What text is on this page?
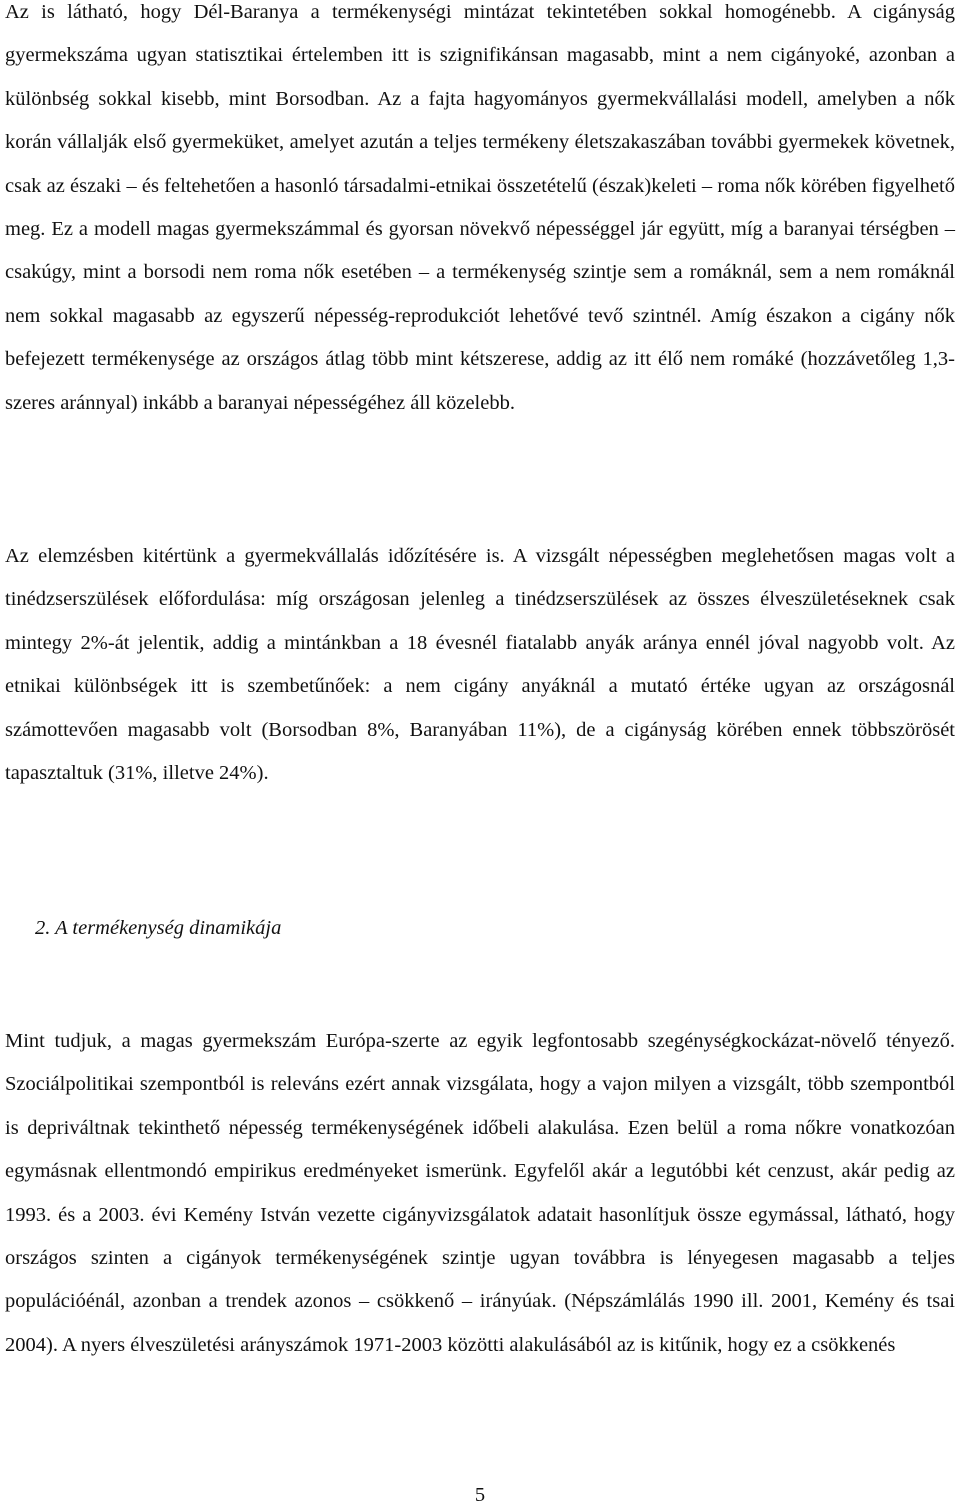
Az is látható, hogy Dél-Baranya a termékenységi mintázat tekintetében sokkal homogénebb. A cigányság gyermekszáma ugyan statisztikai értelemben itt is szignifikánsan magasabb, mint a nem cigányoké, azonban a különbség sokkal kisebb, mint Borsodban. Az a fajta hagyományos gyermekvállalási modell, amelyben a nők korán vállalják első gyermeküket, amelyet azután a teljes termékeny életszakaszában további gyermekek követnek, csak az északi – és feltehetően a hasonló társadalmi-etnikai összetételű (észak)keleti – roma nők körében figyelhető meg. Ez a modell magas gyermekszámmal és gyorsan növekvő népességgel jár együtt, míg a baranyai térségben – csakúgy, mint a borsodi nem roma nők esetében – a termékenység szintje sem a romáknál, sem a nem romáknál nem sokkal magasabb az egyszerű népesség-reprodukciót lehetővé tevő szintnél. Amíg északon a cigány nők befejezett termékenysége az országos átlag több mint kétszerese, addig az itt élő nem romáké (hozzávetőleg 1,3-szeres aránnyal) inkább a baranyai népességéhez áll közelebb.

Az elemzésben kitértünk a gyermekvállalás időzítésére is. A vizsgált népességben meglehetősen magas volt a tinédzserszülések előfordulása: míg országosan jelenleg a tinédzserszülések az összes élveszületéseknek csak mintegy 2%-át jelentik, addig a mintánkban a 18 évesnél fiatalabb anyák aránya ennél jóval nagyobb volt. Az etnikai különbségek itt is szembetűnőek: a nem cigány anyáknál a mutató értéke ugyan az országosnál számottevően magasabb volt (Borsodban 8%, Baranyában 11%), de a cigányság körében ennek többszörösét tapasztaltuk (31%, illetve 24%).

2. A termékenység dinamikája

Mint tudjuk, a magas gyermekszám Európa-szerte az egyik legfontosabb szegénységkockázat-növelő tényező. Szociálpolitikai szempontból is releváns ezért annak vizsgálata, hogy a vajon milyen a vizsgált, több szempontból is depriváltnak tekinthető népesség termékenységének időbeli alakulása. Ezen belül a roma nőkre vonatkozóan egymásnak ellentmondó empirikus eredményeket ismerünk. Egyfelől akár a legutóbbi két cenzust, akár pedig az 1993. és a 2003. évi Kemény István vezette cigányvizsgálatok adatait hasonlítjuk össze egymással, látható, hogy országos szinten a cigányok termékenységének szintje ugyan továbbra is lényegesen magasabb a teljes populációénál, azonban a trendek azonos – csökkenő – irányúak. (Népszámlálás 1990 ill. 2001, Kemény és tsai 2004). A nyers élveszületési arányszámok 1971-2003 közötti alakulásából az is kitűnik, hogy ez a csökkenés

5
